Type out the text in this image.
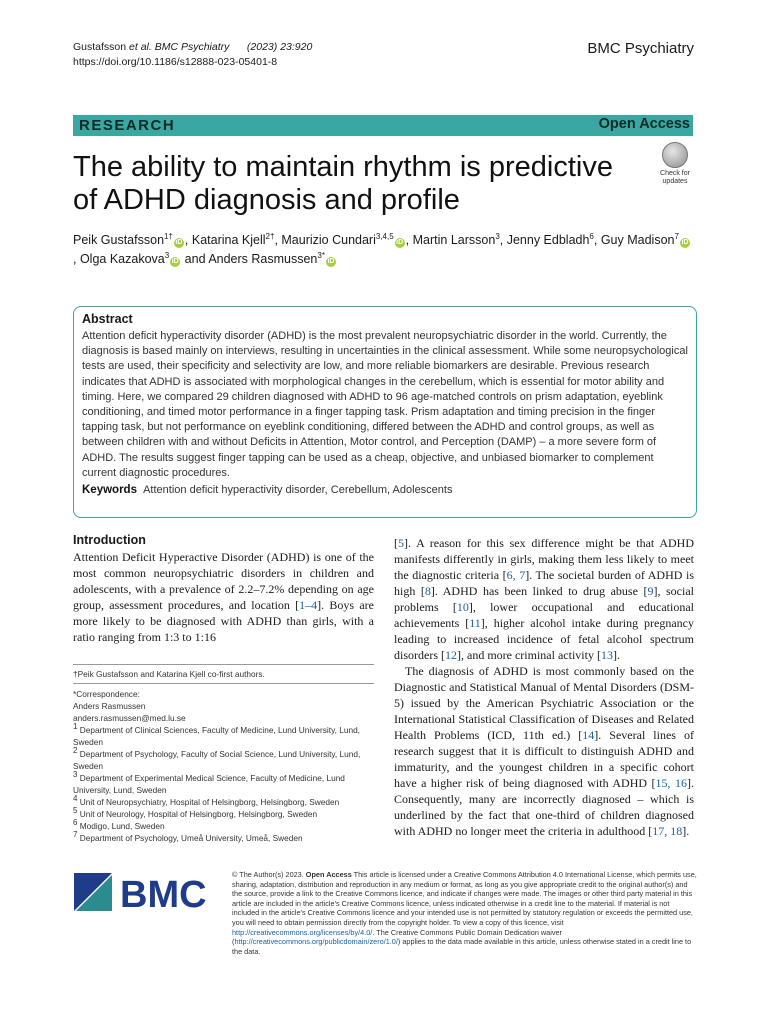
Gustafsson et al. BMC Psychiatry (2023) 23:920
https://doi.org/10.1186/s12888-023-05401-8
BMC Psychiatry
RESEARCH	Open Access
The ability to maintain rhythm is predictive of ADHD diagnosis and profile
Check for updates
Peik Gustafsson$^{1\dagger}$iD , Katarina Kjell$^{2\dagger}$, Maurizio Cundari$^{3,4,5}$iD , Martin Larsson$^3$, Jenny Edbladh$^6$, Guy Madison$^7$iD
, Olga Kazakova$^3$iD and Anders Rasmussen$^{3*}$iD

Abstract

Attention deficit hyperactivity disorder (ADHD) is the most prevalent neuropsychiatric disorder in the world. Currently, the diagnosis is based mainly on interviews, resulting in uncertainties in the clinical assessment. While some neuropsychological tests are used, their specificity and selectivity are low, and more reliable biomarkers are desirable. Previous research indicates that ADHD is associated with morphological changes in the cerebellum, which is essential for motor ability and timing. Here, we compared 29 children diagnosed with ADHD to 96 age-matched controls on prism adaptation, eyeblink conditioning, and timed motor performance in a finger tapping task. Prism adaptation and timing precision in the finger tapping task, but not performance on eyeblink conditioning, differed between the ADHD and control groups, as well as between children with and without Deficits in Attention, Motor control, and Perception (DAMP) – a more severe form of ADHD. The results suggest finger tapping can be used as a cheap, objective, and unbiased biomarker to complement current diagnostic procedures.

Keywords Attention deficit hyperactivity disorder, Cerebellum, Adolescents

Introduction

Attention Deficit Hyperactive Disorder (ADHD) is one of the most common neuropsychiatric disorders in children and adolescents, with a prevalence of 2.2–7.2% depending on age group, assessment procedures, and location [1–4]. Boys are more likely to be diagnosed with ADHD than girls, with a ratio ranging from 1:3 to 1:16

†Peik Gustafsson and Katarina Kjell co-first authors.

*Correspondence:

Anders Rasmussen

anders.rasmussen@med.lu.se

$^1$ Department of Clinical Sciences, Faculty of Medicine, Lund University, Lund, Sweden

$^2$ Department of Psychology, Faculty of Social Science, Lund University, Lund, Sweden

$^3$ Department of Experimental Medical Science, Faculty of Medicine, Lund University, Lund, Sweden

$^4$ Unit of Neuropsychiatry, Hospital of Helsingborg, Helsingborg, Sweden

$^5$ Unit of Neurology, Hospital of Helsingborg, Helsingborg, Sweden

$^6$ Modigo, Lund, Sweden

$^7$ Department of Psychology, Umeå University, Umeå, Sweden

[5]. A reason for this sex difference might be that ADHD manifests differently in girls, making them less likely to meet the diagnostic criteria [6, 7]. The societal burden of ADHD is high [8]. ADHD has been linked to drug abuse [9], social problems [10], lower occupational and educational achievements [11], higher alcohol intake during pregnancy leading to increased incidence of fetal alcohol spectrum disorders [12], and more criminal activity [13].

The diagnosis of ADHD is most commonly based on the Diagnostic and Statistical Manual of Mental Disorders (DSM-5) issued by the American Psychiatric Association or the International Statistical Classification of Diseases and Related Health Problems (ICD, 11th ed.) [14]. Several lines of research suggest that it is difficult to distinguish ADHD and immaturity, and the youngest children in a specific cohort have a higher risk of being diagnosed with ADHD [15, 16]. Consequently, many are incorrectly diagnosed – which is underlined by the fact that one-third of children diagnosed with ADHD no longer meet the criteria in adulthood [17, 18].

BMC	© The Author(s) 2023. Open Access This article is licensed under a Creative Commons Attribution 4.0 International License, which permits use, sharing, adaptation, distribution and reproduction in any medium or format, as long as you give appropriate credit to the original author(s) and the source, provide a link to the Creative Commons licence, and indicate if changes were made. The images or other third party material in this article are included in the article's Creative Commons licence, unless indicated otherwise in a credit line to the material. If material is not included in the article's Creative Commons licence and your intended use is not permitted by statutory regulation or exceeds the permitted use, you will need to obtain permission directly from the copyright holder. To view a copy of this licence, visit http://creativecommons.org/licenses/by/4.0/. The Creative Commons Public Domain Dedication waiver (http://creativecommons.org/publicdomain/zero/1.0/) applies to the data made available in this article, unless otherwise stated in a credit line to the data.
